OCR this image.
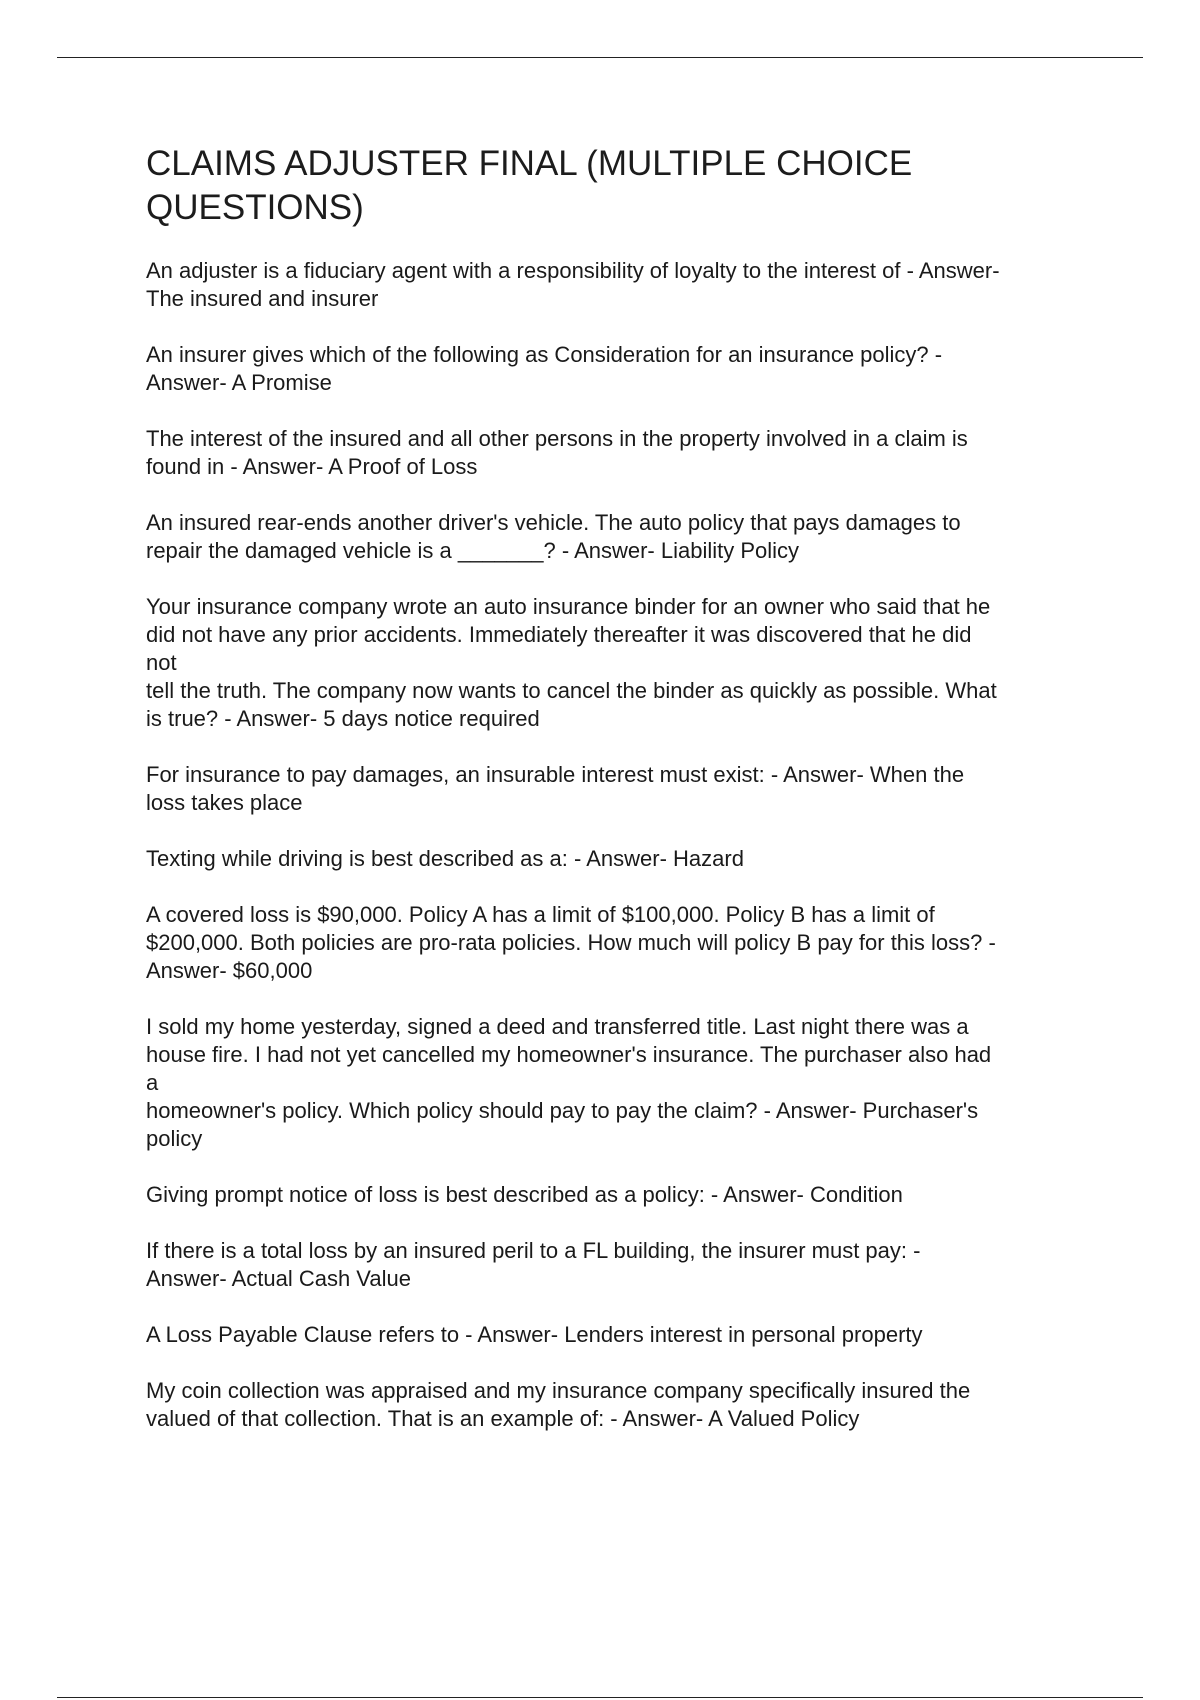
CLAIMS ADJUSTER FINAL (MULTIPLE CHOICE
QUESTIONS)

An adjuster is a fiduciary agent with a responsibility of loyalty to the interest of - Answer-
The insured and insurer

An insurer gives which of the following as Consideration for an insurance policy? -
Answer- A Promise

The interest of the insured and all other persons in the property involved in a claim is
found in - Answer- A Proof of Loss

An insured rear-ends another driver's vehicle. The auto policy that pays damages to
repair the damaged vehicle is a _______? - Answer- Liability Policy

Your insurance company wrote an auto insurance binder for an owner who said that he
did not have any prior accidents. Immediately thereafter it was discovered that he did
not
tell the truth. The company now wants to cancel the binder as quickly as possible. What
is true? - Answer- 5 days notice required

For insurance to pay damages, an insurable interest must exist: - Answer- When the
loss takes place

Texting while driving is best described as a: - Answer- Hazard

A covered loss is $90,000. Policy A has a limit of $100,000. Policy B has a limit of
$200,000. Both policies are pro-rata policies. How much will policy B pay for this loss? -
Answer- $60,000

I sold my home yesterday, signed a deed and transferred title. Last night there was a
house fire. I had not yet cancelled my homeowner's insurance. The purchaser also had
a
homeowner's policy. Which policy should pay to pay the claim? - Answer- Purchaser's
policy

Giving prompt notice of loss is best described as a policy: - Answer- Condition

If there is a total loss by an insured peril to a FL building, the insurer must pay: -
Answer- Actual Cash Value

A Loss Payable Clause refers to - Answer- Lenders interest in personal property

My coin collection was appraised and my insurance company specifically insured the
valued of that collection. That is an example of: - Answer- A Valued Policy
